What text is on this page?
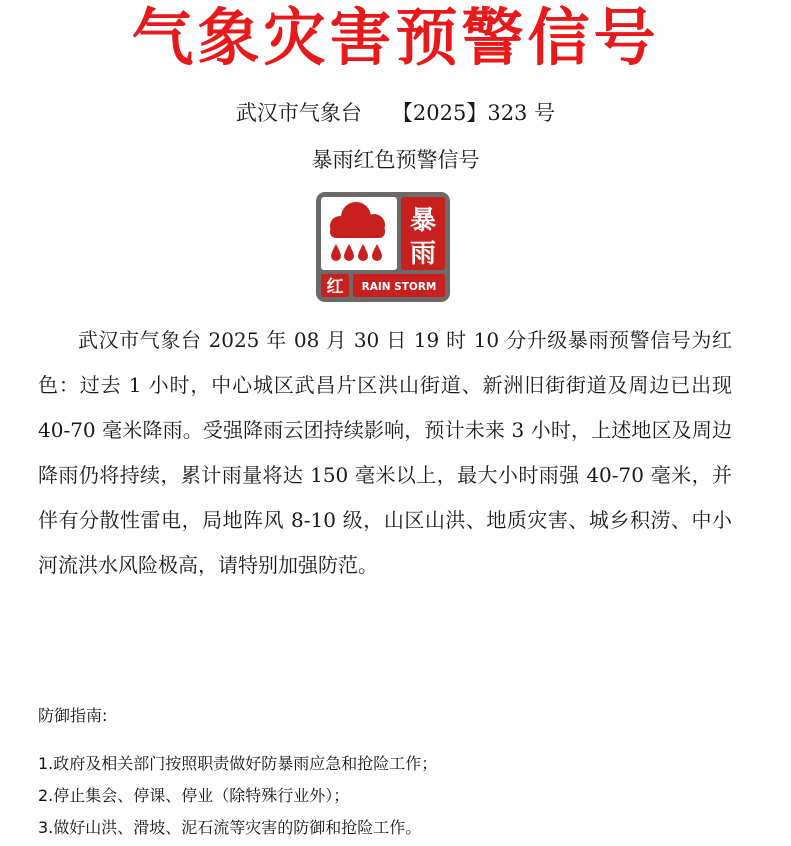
气象灾害预警信号
武汉市气象台 【2025】323 号
暴雨红色预警信号
暴
雨
红 RAIN STORM

武汉市气象台 2025 年 08 月 30 日 19 时 10 分升级暴雨预警信号为红色：过去 1 小时，中心城区武昌片区洪山街道、新洲旧街街道及周边已出现 40-70 毫米降雨。受强降雨云团持续影响，预计未来 3 小时，上述地区及周边降雨仍将持续，累计雨量将达 150 毫米以上，最大小时雨强 40-70 毫米，并伴有分散性雷电，局地阵风 8-10 级，山区山洪、地质灾害、城乡积涝、中小河流洪水风险极高，请特别加强防范。

防御指南:
1.政府及相关部门按照职责做好防暴雨应急和抢险工作；
2.停止集会、停课、停业（除特殊行业外）；
3.做好山洪、滑坡、泥石流等灾害的防御和抢险工作。
